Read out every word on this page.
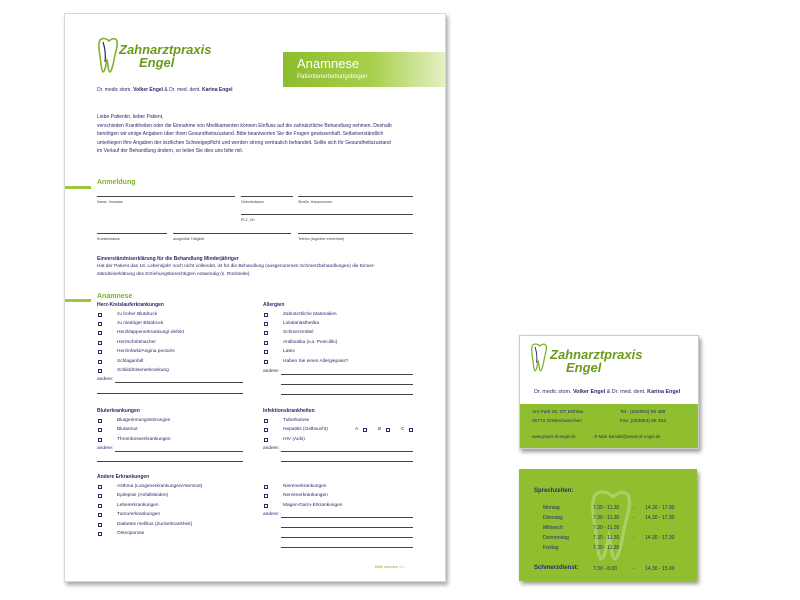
Zahnarztpraxis
Engel
Dr. medic stom. Volker Engel & Dr. med. dent. Karina Engel
Anamnese
Patientenerhebungsbogen
Liebe Patientin, lieber Patient,
verschieden Krankheiten oder die Einnahme von Medikamenten können Einfluss auf die zahnärztliche Behandlung nehmen. Deshalb
benötigen wir einige Angaben über Ihren Gesundheitszustand. Bitte beantworten Sie die Fragen gewissenhaft. Selbstverständlich
unterliegen Ihre Angaben der ärztlichen Schweigepflicht und werden streng vertraulich behandelt. Sollte sich Ihr Gesundheitszustand
im Verlauf der Behandlung ändern, so teilen Sie dies uns bitte mit.
Anmeldung
Name, Vorname	Geburtsdatum	Straße, Hausnummer
PLZ, Ort
Krankenkasse	ausgeübte Tätigkeit	Telefon (tagsüber erreichbar)
Einverständniserklärung für die Behandlung Minderjähriger
Hat der Patient das 18. Lebensjahr noch nicht vollendet, ist für die Behandlung (ausgenommen Schmerzbehandlungen) die Einver-
ständniserklärung des Erziehungsberechtigten notwendig (s. Rückseite).
Anamnese
Herz-Kreislauferkrankungen
zu hoher Blutdruck
zu niedriger Blutdruck
Herzklappenerkrankung/-defekt
Herzschrittmacher
Herzinfarkt/Angina pectoris
Schlaganfall
Schilddrüsenerkrankung
andere:
Allergien
Zahnärztliche Materialien
Lokalanästhetika
Schmerzmittel
Antibiotika (v.a. Penicillin)
Latex
Haben Sie einen Allergiepass?
andere:
Bluterkrankungen
Blutgerinnungsstörungen
Blutarmut
Thromboseerkrankungen
andere:
Infektionskrankheiten
Tuberkulose
Hepatitis (Gelbsucht)	A	B	C
HIV (Aids)
andere:
Andere Erkrankungen
Asthma (Lungenerkrankungen/Atemnot)
Epilepsie (Anfallsleiden)
Lebererkrankungen
Tumorerkrankungen
Diabetes mellitus (Zuckerkrankheit)
Osteoporose
Nierenerkrankungen
Nervenerkrankungen
Magen-Darm-Erkrankungen
andere:
Bitte wenden >>
Zahnarztpraxis
Engel
Dr. medic stom. Volker Engel & Dr. med. dent. Karina Engel
Am Park 25, OT Möhlau
06772 Gräfenhainichen
Tel.: (034953) 88 489
Fax: (034953) 88 493
www.praxis-dr-engel.de	- E-Mail: kontakt@praxis-dr-engel.de
Sprechzeiten:
Montag	7.30 - 11.30	- 14.30 - 17.30
Dienstag	7.30 - 11.30	- 14.30 - 17.30
Mittwoch	7.30 - 11.30
Donnerstag	7.30 - 11.30	- 14.30 - 17.30
Freitag	7.30 - 11.30
Schmerzdienst:	7.30 - 8.00	- 14.30 - 15.00
